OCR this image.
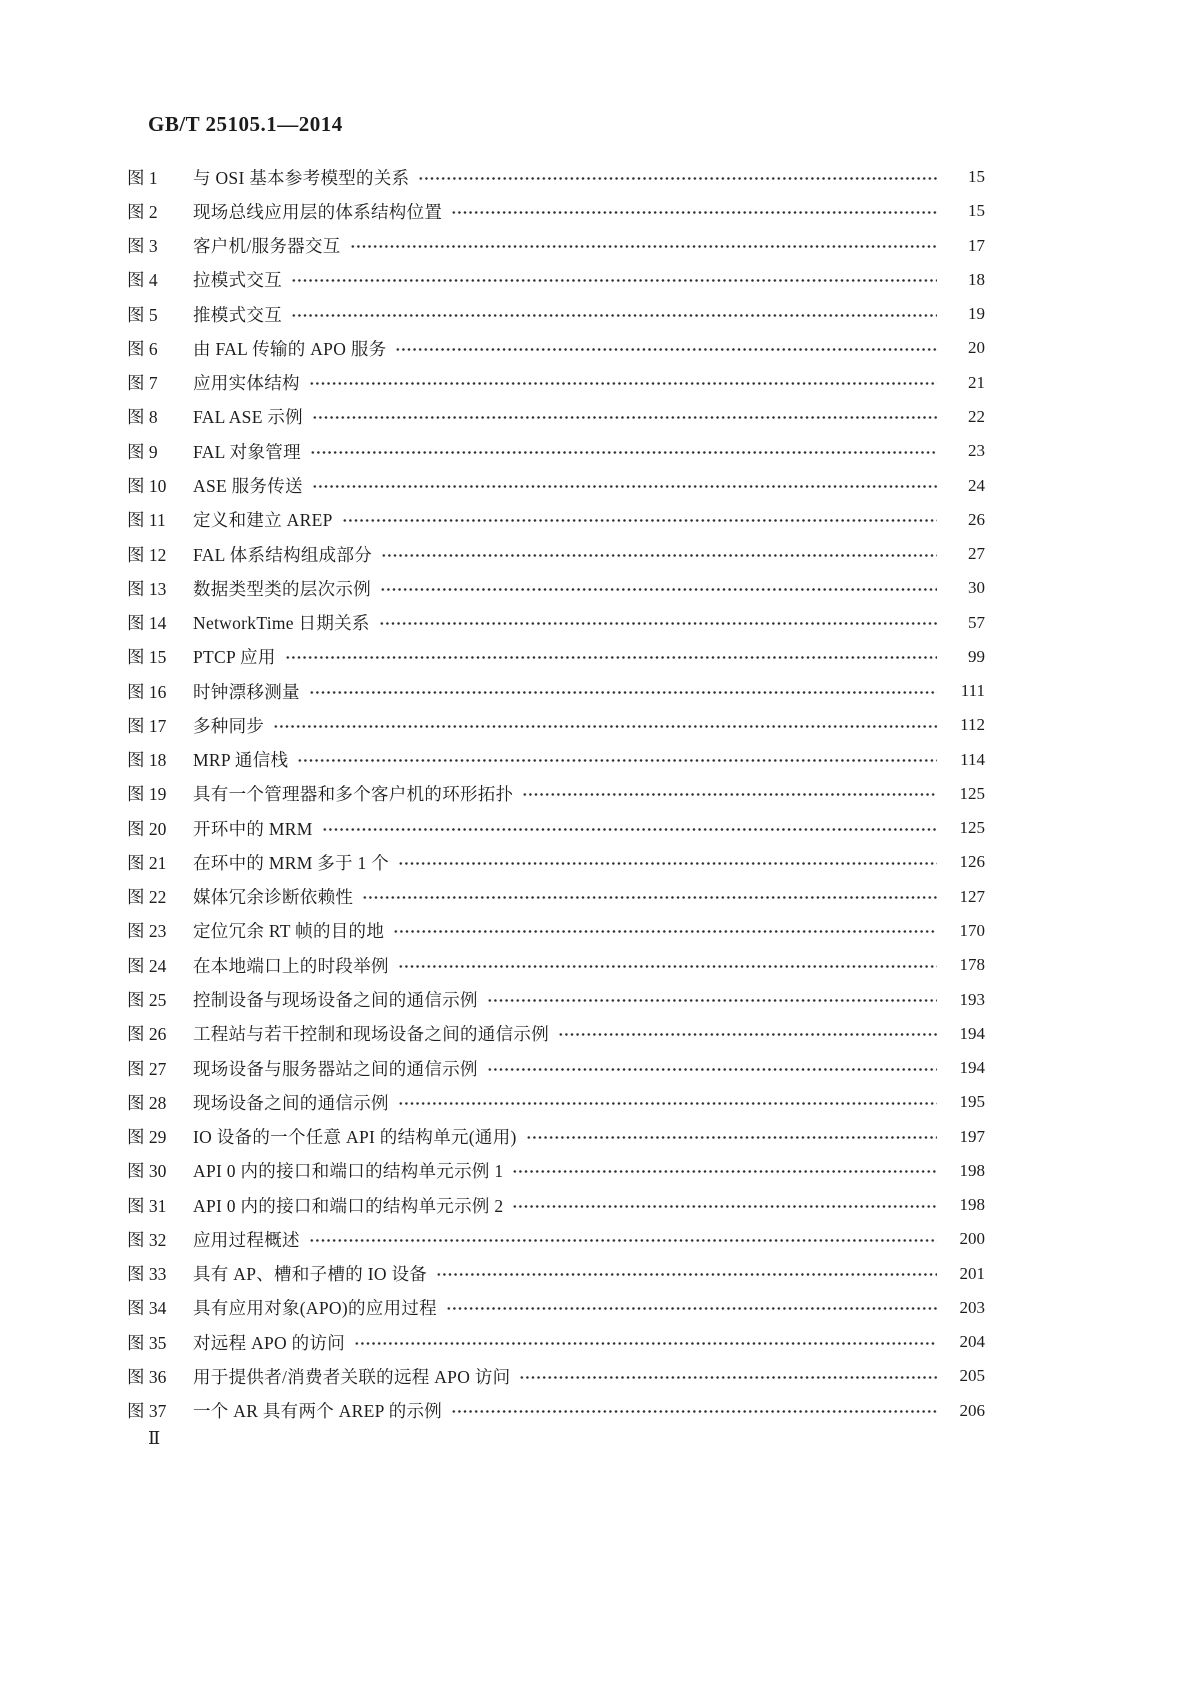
GB/T 25105.1—2014
图 1	与 OSI 基本参考模型的关系	15
图 2	现场总线应用层的体系结构位置	15
图 3	客户机/服务器交互	17
图 4	拉模式交互	18
图 5	推模式交互	19
图 6	由 FAL 传输的 APO 服务	20
图 7	应用实体结构	21
图 8	FAL ASE 示例	22
图 9	FAL 对象管理	23
图 10	ASE 服务传送	24
图 11	定义和建立 AREP	26
图 12	FAL 体系结构组成部分	27
图 13	数据类型类的层次示例	30
图 14	NetworkTime 日期关系	57
图 15	PTCP 应用	99
图 16	时钟漂移测量	111
图 17	多种同步	112
图 18	MRP 通信栈	114
图 19	具有一个管理器和多个客户机的环形拓扑	125
图 20	开环中的 MRM	125
图 21	在环中的 MRM 多于 1 个	126
图 22	媒体冗余诊断依赖性	127
图 23	定位冗余 RT 帧的目的地	170
图 24	在本地端口上的时段举例	178
图 25	控制设备与现场设备之间的通信示例	193
图 26	工程站与若干控制和现场设备之间的通信示例	194
图 27	现场设备与服务器站之间的通信示例	194
图 28	现场设备之间的通信示例	195
图 29	IO 设备的一个任意 API 的结构单元(通用)	197
图 30	API 0 内的接口和端口的结构单元示例 1	198
图 31	API 0 内的接口和端口的结构单元示例 2	198
图 32	应用过程概述	200
图 33	具有 AP、槽和子槽的 IO 设备	201
图 34	具有应用对象(APO)的应用过程	203
图 35	对远程 APO 的访问	204
图 36	用于提供者/消费者关联的远程 APO 访问	205
图 37	一个 AR 具有两个 AREP 的示例	206
Ⅱ
